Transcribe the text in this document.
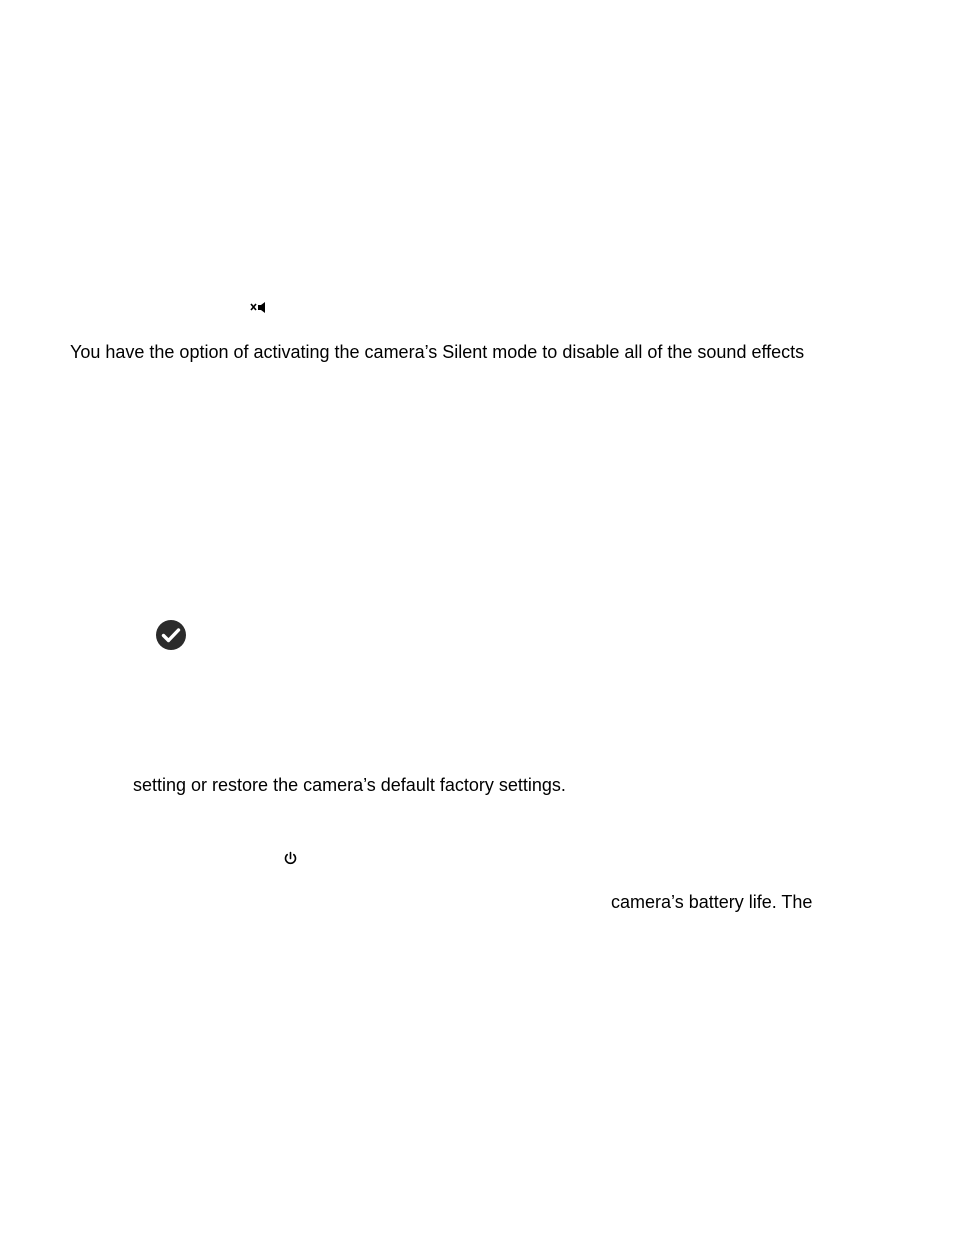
You have the option of activating the camera’s Silent mode to disable all of the sound effects
setting or restore the camera’s default factory settings.
camera’s battery life. The
